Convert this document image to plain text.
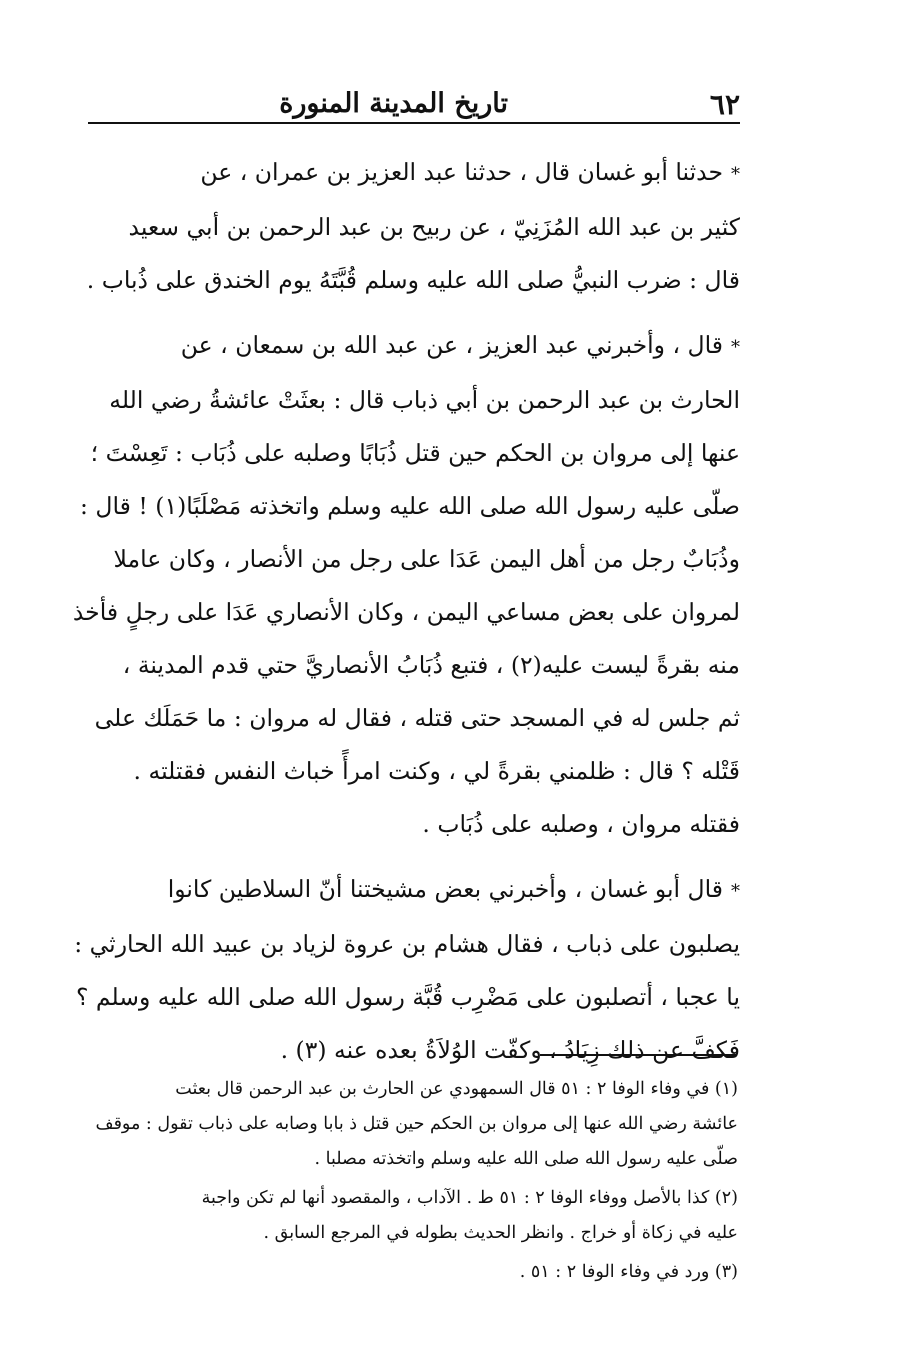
٦٢
تاريخ المدينة المنورة

*حدثنا أبو غسان قال ، حدثنا عبد العزيز بن عمران ، عن
كثير بن عبد الله المُزَنِيّ ، عن ربيح بن عبد الرحمن بن أبي سعيد
قال : ضرب النبيُّ صلى الله عليه وسلم قُبَّتَهُ يوم الخندق على ذُباب .

*قال ، وأخبرني عبد العزيز ، عن عبد الله بن سمعان ، عن
الحارث بن عبد الرحمن بن أبي ذباب قال : بعثَتْ عائشةُ رضي الله
عنها إلى مروان بن الحكم حين قتل ذُبَابًا وصلبه على ذُبَاب : تَعِسْتَ ؛
صلّى عليه رسول الله صلى الله عليه وسلم واتخذته مَصْلَبًا(١) ! قال :
وذُبَابٌ رجل من أهل اليمن عَدَا على رجل من الأنصار ، وكان عاملا
لمروان على بعض مساعي اليمن ، وكان الأنصاري عَدَا على رجلٍ فأخذ
منه بقرةً ليست عليه(٢) ، فتبع ذُبَابُ الأنصاريَّ حتي قدم المدينة ،
ثم جلس له في المسجد حتى قتله ، فقال له مروان : ما حَمَلَك على
قَتْله ؟ قال : ظلمني بقرةً لي ، وكنت امرأً خباث النفس فقتلته .
فقتله مروان ، وصلبه على ذُبَاب .

*قال أبو غسان ، وأخبرني بعض مشيختنا أنّ السلاطين كانوا
يصلبون على ذباب ، فقال هشام بن عروة لزياد بن عبيد الله الحارثي :
يا عجبا ، أتصلبون على مَضْرِب قُبَّة رسول الله صلى الله عليه وسلم ؟
فَكفَّ عن ذلك زِيَادُ ، وكفّت الوُلاَةُ بعده عنه (٣) .

(١) في وفاء الوفا ٢ : ٥١ قال السمهودي عن الحارث بن عبد الرحمن قال بعثت
عائشة رضي الله عنها إلى مروان بن الحكم حين قتل ذ بابا وصابه على ذباب تقول : موقف
صلّى عليه رسول الله صلى الله عليه وسلم واتخذته مصلبا .

(٢) كذا بالأصل ووفاء الوفا ٢ : ٥١ ط . الآداب ، والمقصود أنها لم تكن واجبة
عليه في زكاة أو خراج . وانظر الحديث بطوله في المرجع السابق .

(٣) ورد في وفاء الوفا ٢ : ٥١ .
